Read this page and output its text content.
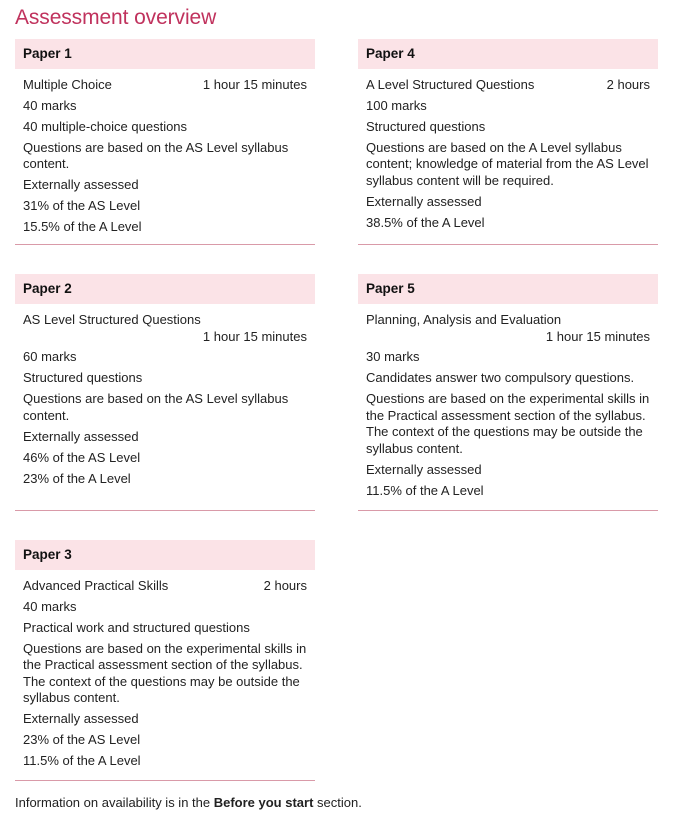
Assessment overview
Paper 1
Multiple Choice	1 hour 15 minutes
40 marks
40 multiple-choice questions
Questions are based on the AS Level syllabus content.
Externally assessed
31% of the AS Level
15.5% of the A Level
Paper 4
A Level Structured Questions	2 hours
100 marks
Structured questions
Questions are based on the A Level syllabus content; knowledge of material from the AS Level syllabus content will be required.
Externally assessed
38.5% of the A Level
Paper 2
AS Level Structured Questions
1 hour 15 minutes
60 marks
Structured questions
Questions are based on the AS Level syllabus content.
Externally assessed
46% of the AS Level
23% of the A Level
Paper 5
Planning, Analysis and Evaluation
1 hour 15 minutes
30 marks
Candidates answer two compulsory questions.
Questions are based on the experimental skills in the Practical assessment section of the syllabus. The context of the questions may be outside the syllabus content.
Externally assessed
11.5% of the A Level
Paper 3
Advanced Practical Skills	2 hours
40 marks
Practical work and structured questions
Questions are based on the experimental skills in the Practical assessment section of the syllabus. The context of the questions may be outside the syllabus content.
Externally assessed
23% of the AS Level
11.5% of the A Level
Information on availability is in the Before you start section.
